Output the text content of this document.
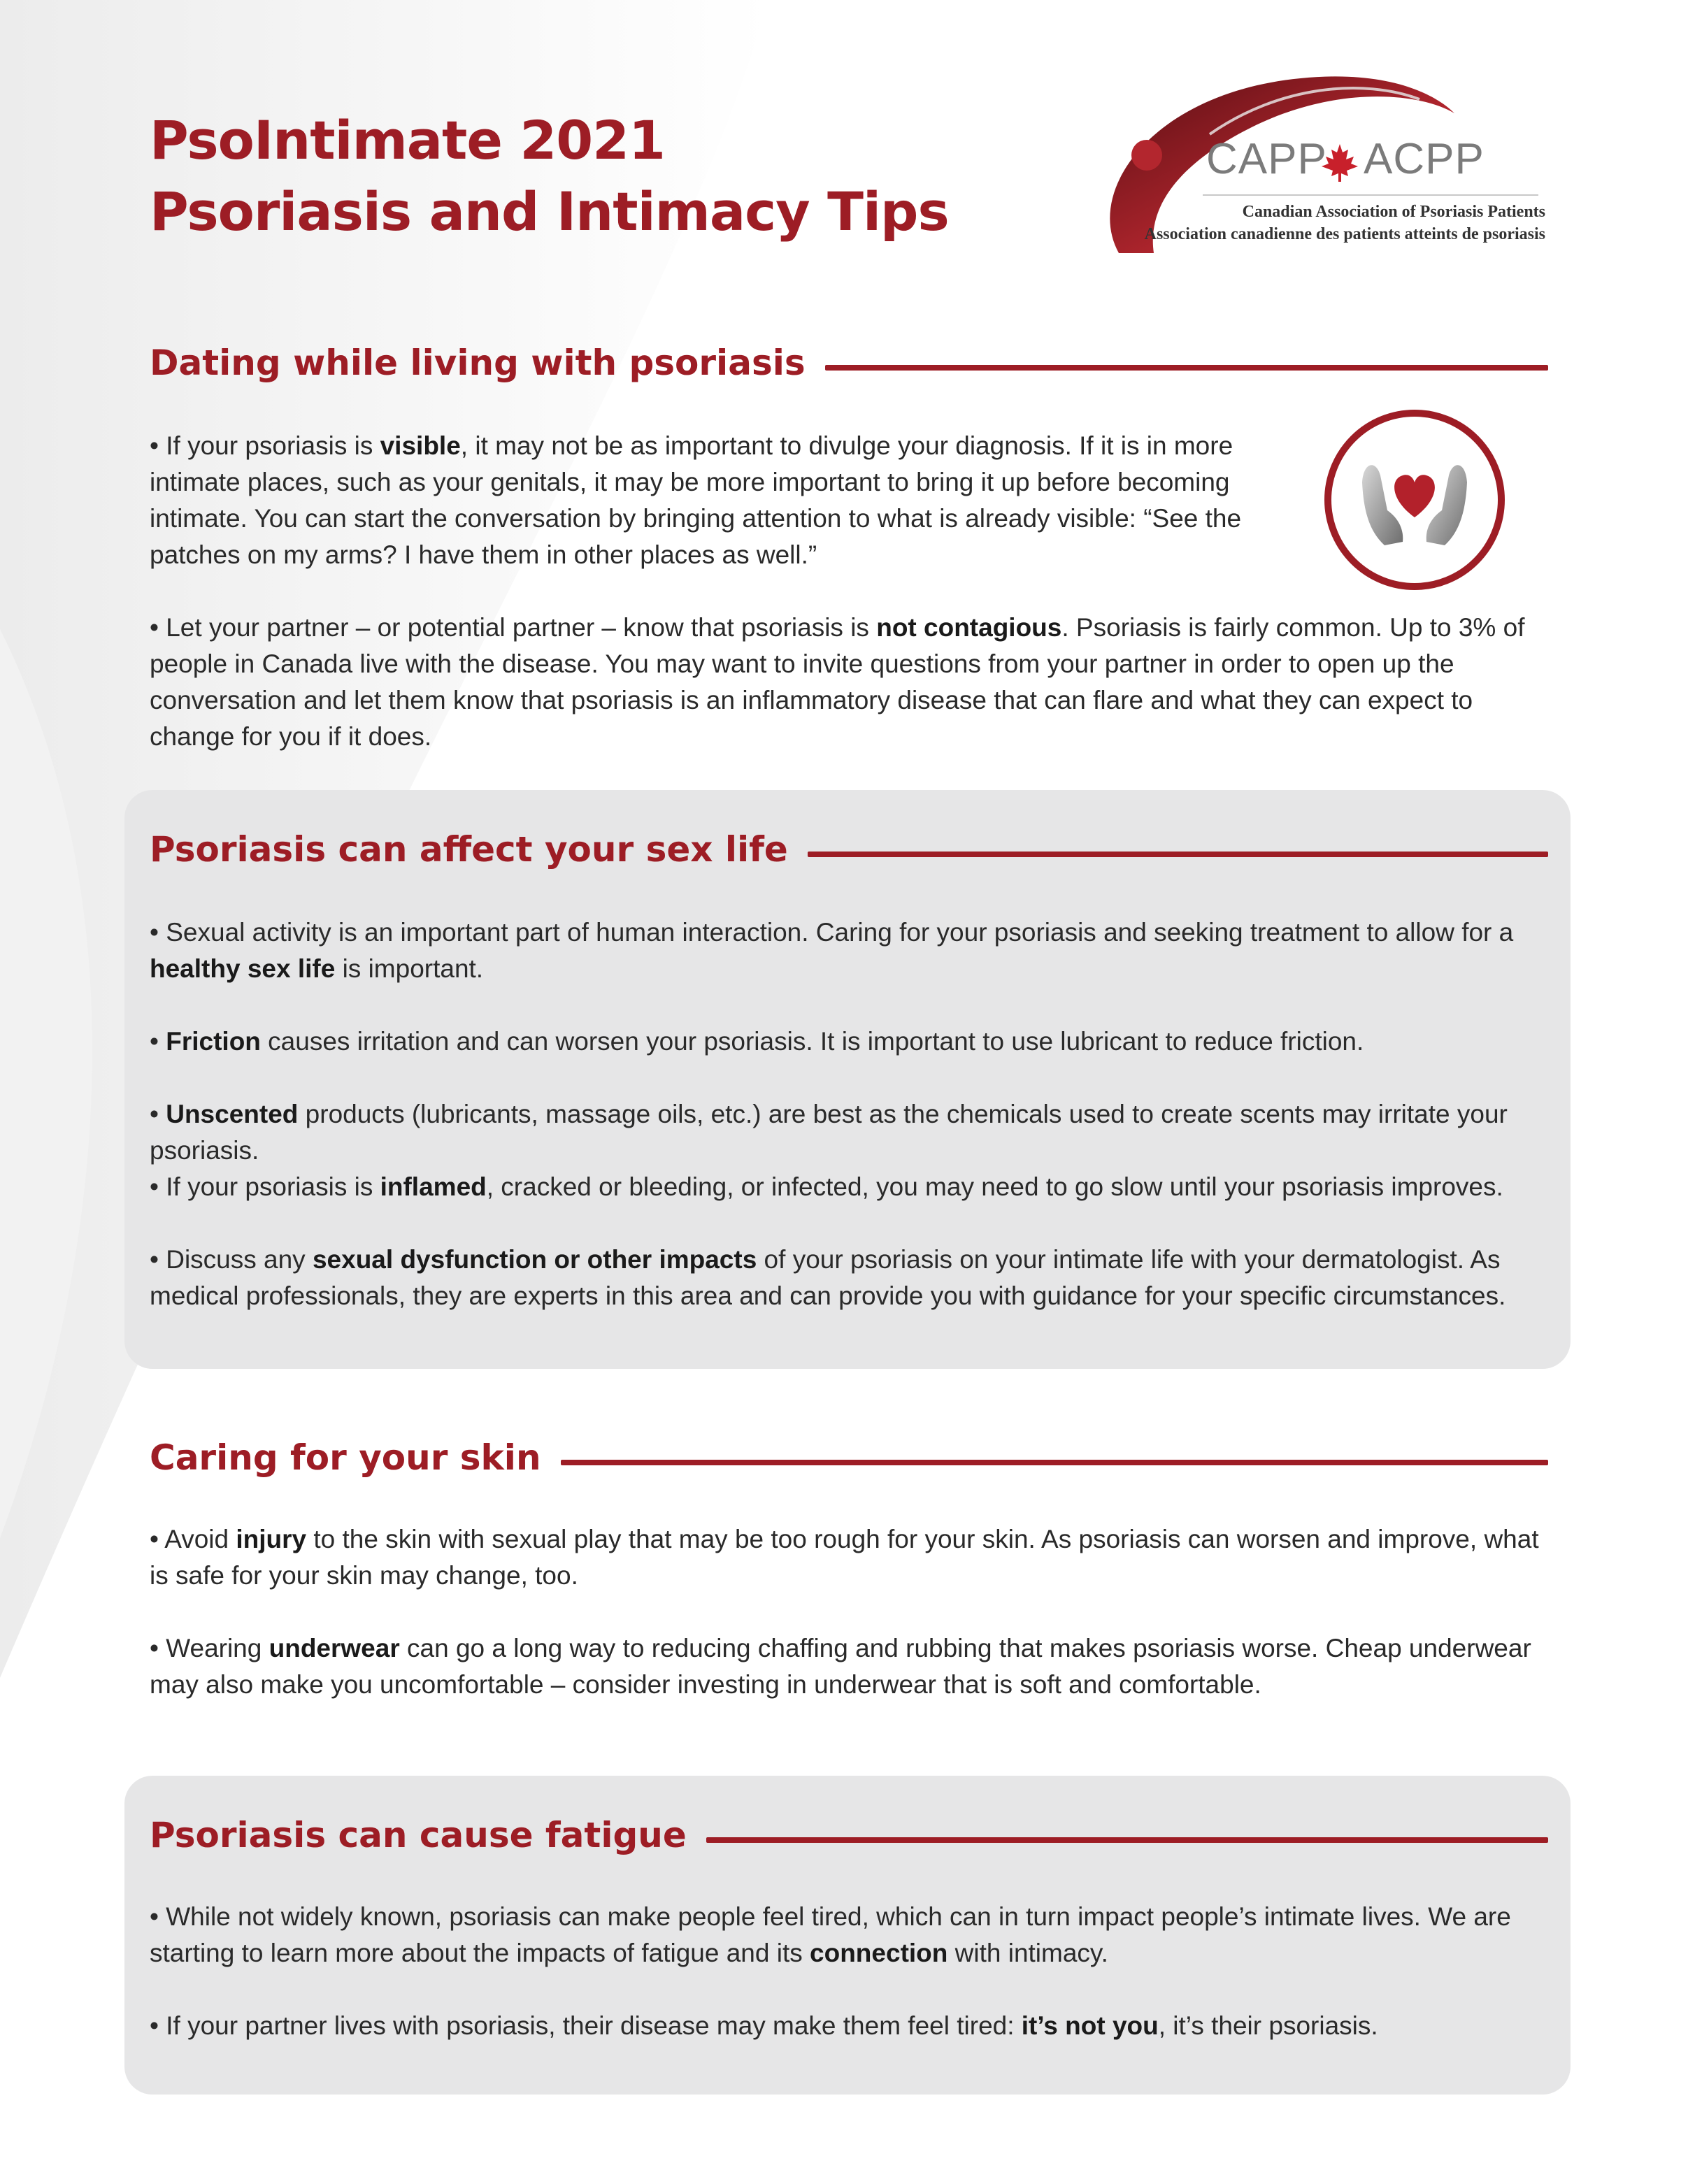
PsoIntimate 2021
Psoriasis and Intimacy Tips
CAPP ACPP
Canadian Association of Psoriasis Patients
Association canadienne des patients atteints de psoriasis
Dating while living with psoriasis

• If your psoriasis is visible, it may not be as important to divulge your diagnosis. If it is in more intimate places, such as your genitals, it may be more important to bring it up before becoming intimate. You can start the conversation by bringing attention to what is already visible: “See the patches on my arms? I have them in other places as well.”

• Let your partner – or potential partner – know that psoriasis is not contagious. Psoriasis is fairly common. Up to 3% of people in Canada live with the disease. You may want to invite questions from your partner in order to open up the conversation and let them know that psoriasis is an inflammatory disease that can flare and what they can expect to change for you if it does.

Psoriasis can affect your sex life

• Sexual activity is an important part of human interaction. Caring for your psoriasis and seeking treatment to allow for a healthy sex life is important.

• Friction causes irritation and can worsen your psoriasis. It is important to use lubricant to reduce friction.

• Unscented products (lubricants, massage oils, etc.) are best as the chemicals used to create scents may irritate your psoriasis.

• If your psoriasis is inflamed, cracked or bleeding, or infected, you may need to go slow until your psoriasis improves.

• Discuss any sexual dysfunction or other impacts of your psoriasis on your intimate life with your dermatologist. As medical professionals, they are experts in this area and can provide you with guidance for your specific circumstances.

Caring for your skin

• Avoid injury to the skin with sexual play that may be too rough for your skin. As psoriasis can worsen and improve, what is safe for your skin may change, too.

• Wearing underwear can go a long way to reducing chaffing and rubbing that makes psoriasis worse. Cheap underwear may also make you uncomfortable – consider investing in underwear that is soft and comfortable.

Psoriasis can cause fatigue

• While not widely known, psoriasis can make people feel tired, which can in turn impact people’s intimate lives. We are starting to learn more about the impacts of fatigue and its connection with intimacy.

• If your partner lives with psoriasis, their disease may make them feel tired: it’s not you, it’s their psoriasis.
